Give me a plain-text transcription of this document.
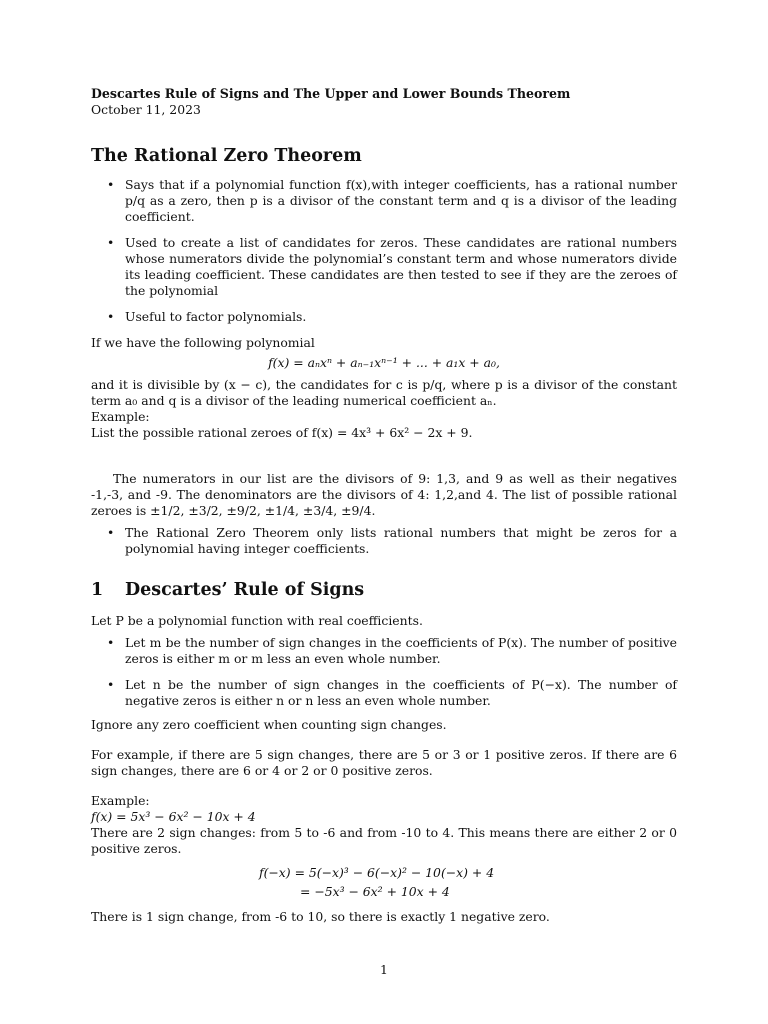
Descartes Rule of Signs and The Upper and Lower Bounds Theorem
October 11, 2023
The Rational Zero Theorem
• Says that if a polynomial function f(x),with integer coefficients, has a rational number p/q as a zero, then p is a divisor of the constant term and q is a divisor of the leading coefficient.
• Used to create a list of candidates for zeros. These candidates are rational numbers whose numerators divide the polynomial’s constant term and whose numerators divide its leading coefficient. These candidates are then tested to see if they are the zeroes of the polynomial
• Useful to factor polynomials.

If we have the following polynomial

f(x) = aₙxⁿ + aₙ₋₁xⁿ⁻¹ + ... + a₁x + a₀,

and it is divisible by (x − c), the candidates for c is p/q, where p is a divisor of the constant term a₀ and q is a divisor of the leading numerical coefficient aₙ.

Example:

List the possible rational zeroes of f(x) = 4x³ + 6x² − 2x + 9.

The numerators in our list are the divisors of 9: 1,3, and 9 as well as their negatives -1,-3, and -9. The denominators are the divisors of 4: 1,2,and 4. The list of possible rational zeroes is ±1/2, ±3/2, ±9/2, ±1/4, ±3/4, ±9/4.

• The Rational Zero Theorem only lists rational numbers that might be zeros for a polynomial having integer coefficients.
1 Descartes’ Rule of Signs

Let P be a polynomial function with real coefficients.

• Let m be the number of sign changes in the coefficients of P(x). The number of positive zeros is either m or m less an even whole number.
• Let n be the number of sign changes in the coefficients of P(−x). The number of negative zeros is either n or n less an even whole number.

Ignore any zero coefficient when counting sign changes.

For example, if there are 5 sign changes, there are 5 or 3 or 1 positive zeros. If there are 6 sign changes, there are 6 or 4 or 2 or 0 positive zeros.

Example:

f(x) = 5x³ − 6x² − 10x + 4

There are 2 sign changes: from 5 to -6 and from -10 to 4. This means there are either 2 or 0 positive zeros.

f(−x) = 5(−x)³ − 6(−x)² − 10(−x) + 4
= −5x³ − 6x² + 10x + 4

There is 1 sign change, from -6 to 10, so there is exactly 1 negative zero.

1
